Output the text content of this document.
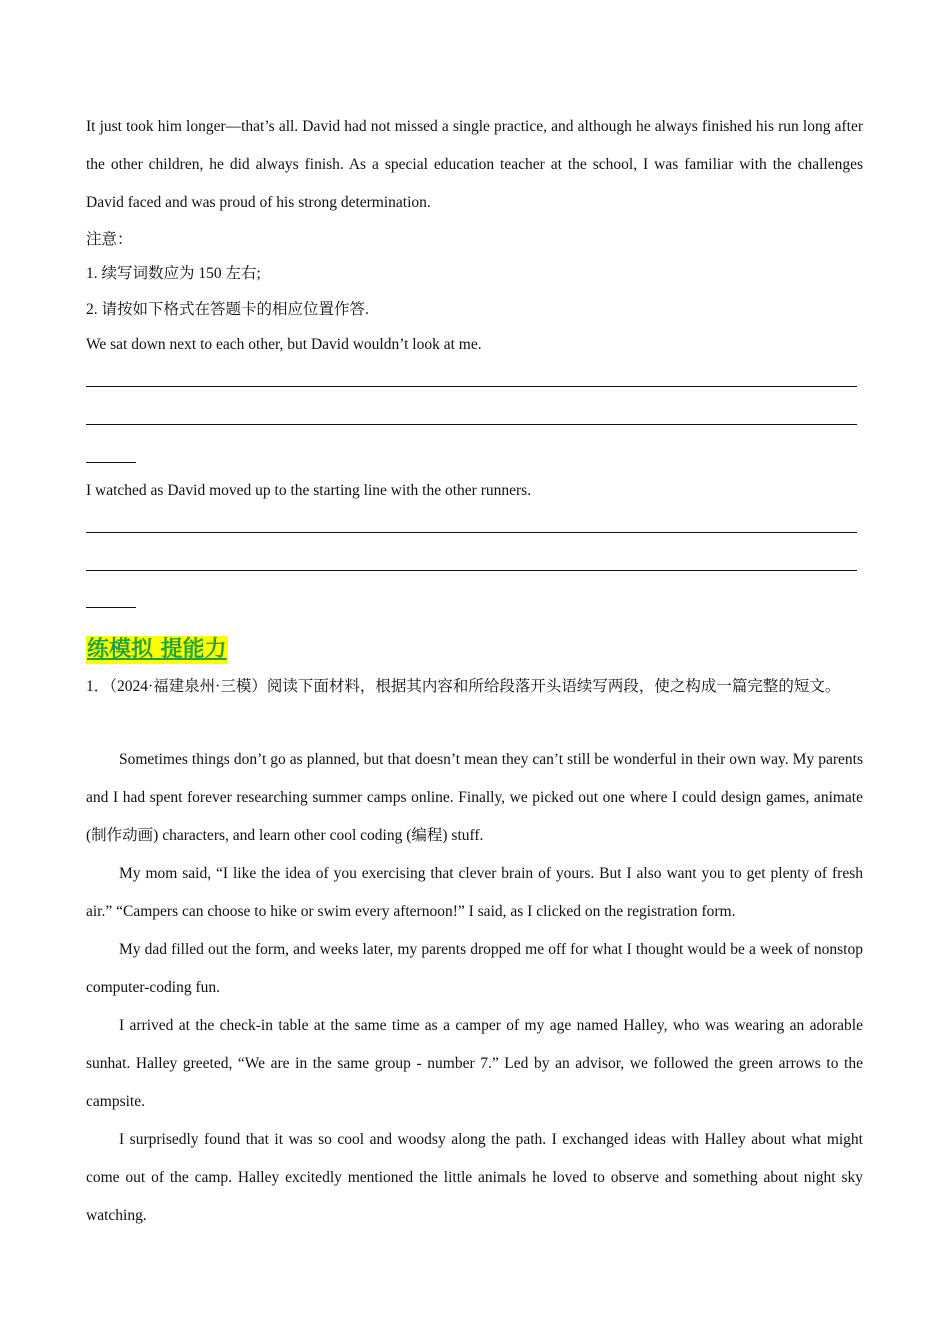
It just took him longer—that’s all. David had not missed a single practice, and although he always finished his run long after the other children, he did always finish. As a special education teacher at the school, I was familiar with the challenges David faced and was proud of his strong determination.

注意：

1. 续写词数应为 150 左右;

2. 请按如下格式在答题卡的相应位置作答.

We sat down next to each other, but David wouldn’t look at me.

I watched as David moved up to the starting line with the other runners.

练模拟 提能力

1．（2024·福建泉州·三模）阅读下面材料，根据其内容和所给段落开头语续写两段，使之构成一篇完整的短文。

Sometimes things don’t go as planned, but that doesn’t mean they can’t still be wonderful in their own way. My parents and I had spent forever researching summer camps online. Finally, we picked out one where I could design games, animate (制作动画) characters, and learn other cool coding (编程) stuff.

My mom said, “I like the idea of you exercising that clever brain of yours. But I also want you to get plenty of fresh air.” “Campers can choose to hike or swim every afternoon!” I said, as I clicked on the registration form.

My dad filled out the form, and weeks later, my parents dropped me off for what I thought would be a week of nonstop computer-coding fun.

I arrived at the check-in table at the same time as a camper of my age named Halley, who was wearing an adorable sunhat. Halley greeted, “We are in the same group - number 7.” Led by an advisor, we followed the green arrows to the campsite.

I surprisedly found that it was so cool and woodsy along the path. I exchanged ideas with Halley about what might come out of the camp. Halley excitedly mentioned the little animals he loved to observe and something about night sky watching.
